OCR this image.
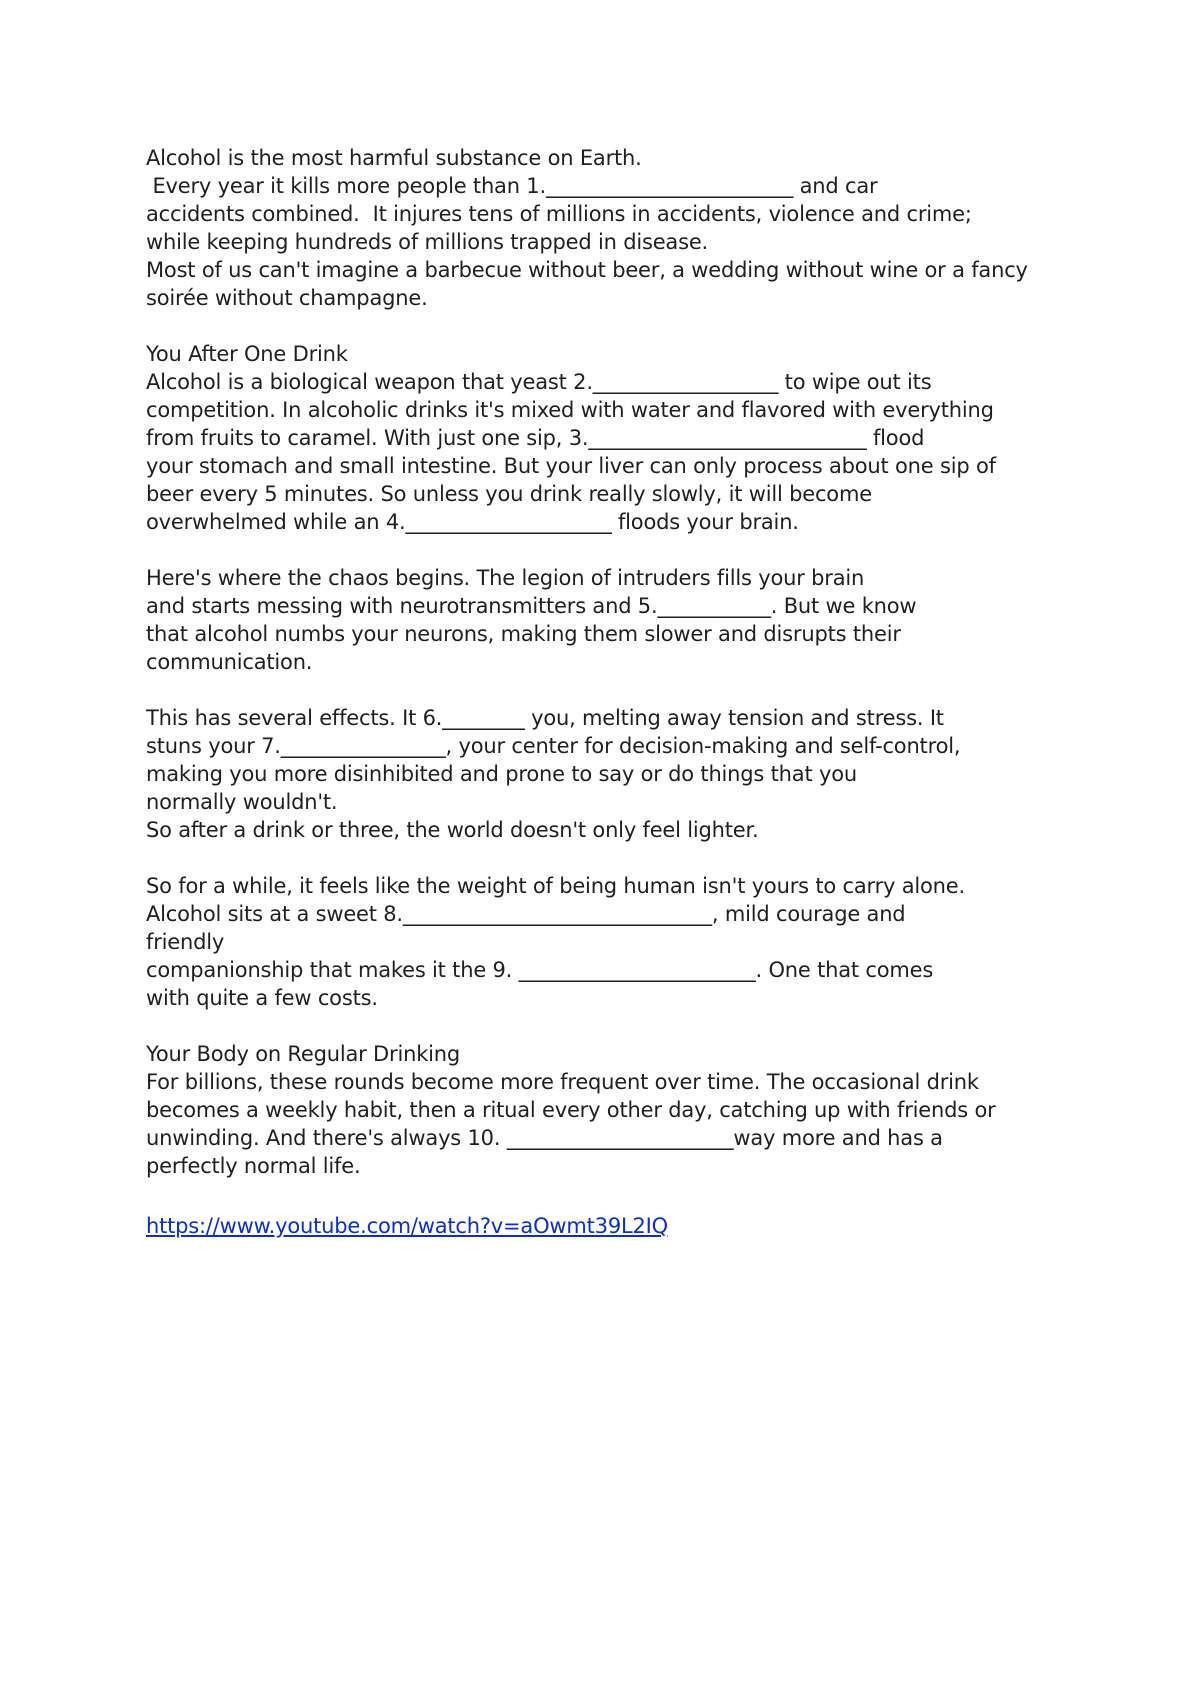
Alcohol is the most harmful substance on Earth.
Every year it kills more people than 1.________________________ and car
accidents combined.  It injures tens of millions in accidents, violence and crime;
while keeping hundreds of millions trapped in disease.
Most of us can't imagine a barbecue without beer, a wedding without wine or a fancy
soirée without champagne.
You After One Drink
Alcohol is a biological weapon that yeast 2.__________________ to wipe out its
competition. In alcoholic drinks it's mixed with water and flavored with everything
from fruits to caramel. With just one sip, 3.___________________________ flood
your stomach and small intestine. But your liver can only process about one sip of
beer every 5 minutes. So unless you drink really slowly, it will become
overwhelmed while an 4.____________________ floods your brain.
Here's where the chaos begins. The legion of intruders fills your brain
and starts messing with neurotransmitters and 5.___________. But we know
that alcohol numbs your neurons, making them slower and disrupts their
communication.
This has several effects. It 6.________ you, melting away tension and stress. It
stuns your 7.________________, your center for decision-making and self-control,
making you more disinhibited and prone to say or do things that you
normally wouldn't.
So after a drink or three, the world doesn't only feel lighter.
So for a while, it feels like the weight of being human isn't yours to carry alone.
Alcohol sits at a sweet 8.______________________________, mild courage and
friendly
companionship that makes it the 9. _______________________. One that comes
with quite a few costs.
Your Body on Regular Drinking
For billions, these rounds become more frequent over time. The occasional drink
becomes a weekly habit, then a ritual every other day, catching up with friends or
unwinding. And there's always 10. ______________________way more and has a
perfectly normal life.
https://www.youtube.com/watch?v=aOwmt39L2IQ
